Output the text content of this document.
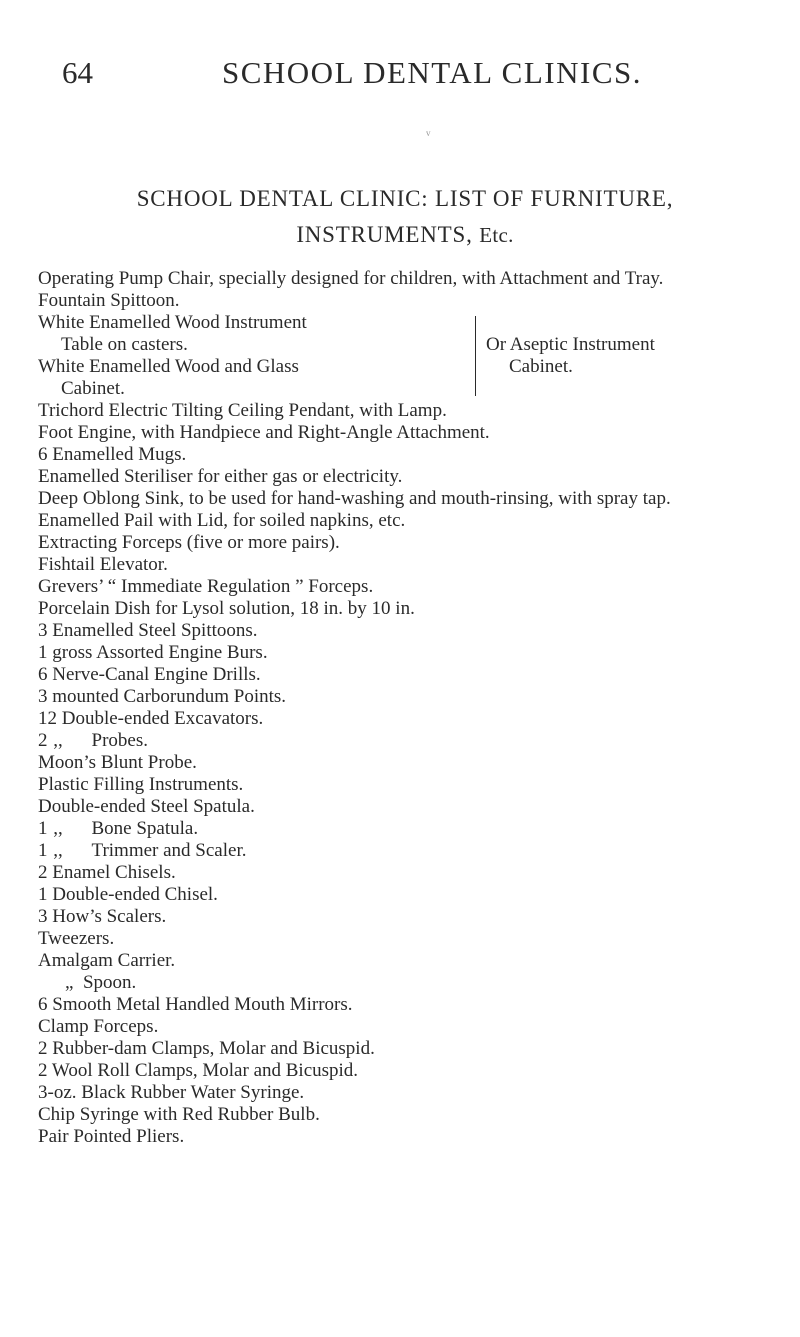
64	SCHOOL DENTAL CLINICS.
v
SCHOOL DENTAL CLINIC: LIST OF FURNITURE,
INSTRUMENTS, Etc.
Operating Pump Chair, specially designed for children, with Attachment and Tray.
Fountain Spittoon.
White Enamelled Wood Instrument
Table on casters.
White Enamelled Wood and Glass
Cabinet.
Or Aseptic Instrument
Cabinet.
Trichord Electric Tilting Ceiling Pendant, with Lamp.
Foot Engine, with Handpiece and Right-Angle Attachment.
6 Enamelled Mugs.
Enamelled Steriliser for either gas or electricity.
Deep Oblong Sink, to be used for hand-washing and mouth-rinsing, with spray tap.
Enamelled Pail with Lid, for soiled napkins, etc.
Extracting Forceps (five or more pairs).
Fishtail Elevator.
Grevers’ “ Immediate Regulation ” Forceps.
Porcelain Dish for Lysol solution, 18 in. by 10 in.
3 Enamelled Steel Spittoons.
1 gross Assorted Engine Burs.
6 Nerve-Canal Engine Drills.
3 mounted Carborundum Points.
12 Double-ended Excavators.
2 ,, Probes.
Moon’s Blunt Probe.
Plastic Filling Instruments.
Double-ended Steel Spatula.
1 ,, Bone Spatula.
1 ,, Trimmer and Scaler.
2 Enamel Chisels.
1 Double-ended Chisel.
3 How’s Scalers.
Tweezers.
Amalgam Carrier.
„ Spoon.
6 Smooth Metal Handled Mouth Mirrors.
Clamp Forceps.
2 Rubber-dam Clamps, Molar and Bicuspid.
2 Wool Roll Clamps, Molar and Bicuspid.
3-oz. Black Rubber Water Syringe.
Chip Syringe with Red Rubber Bulb.
Pair Pointed Pliers.
